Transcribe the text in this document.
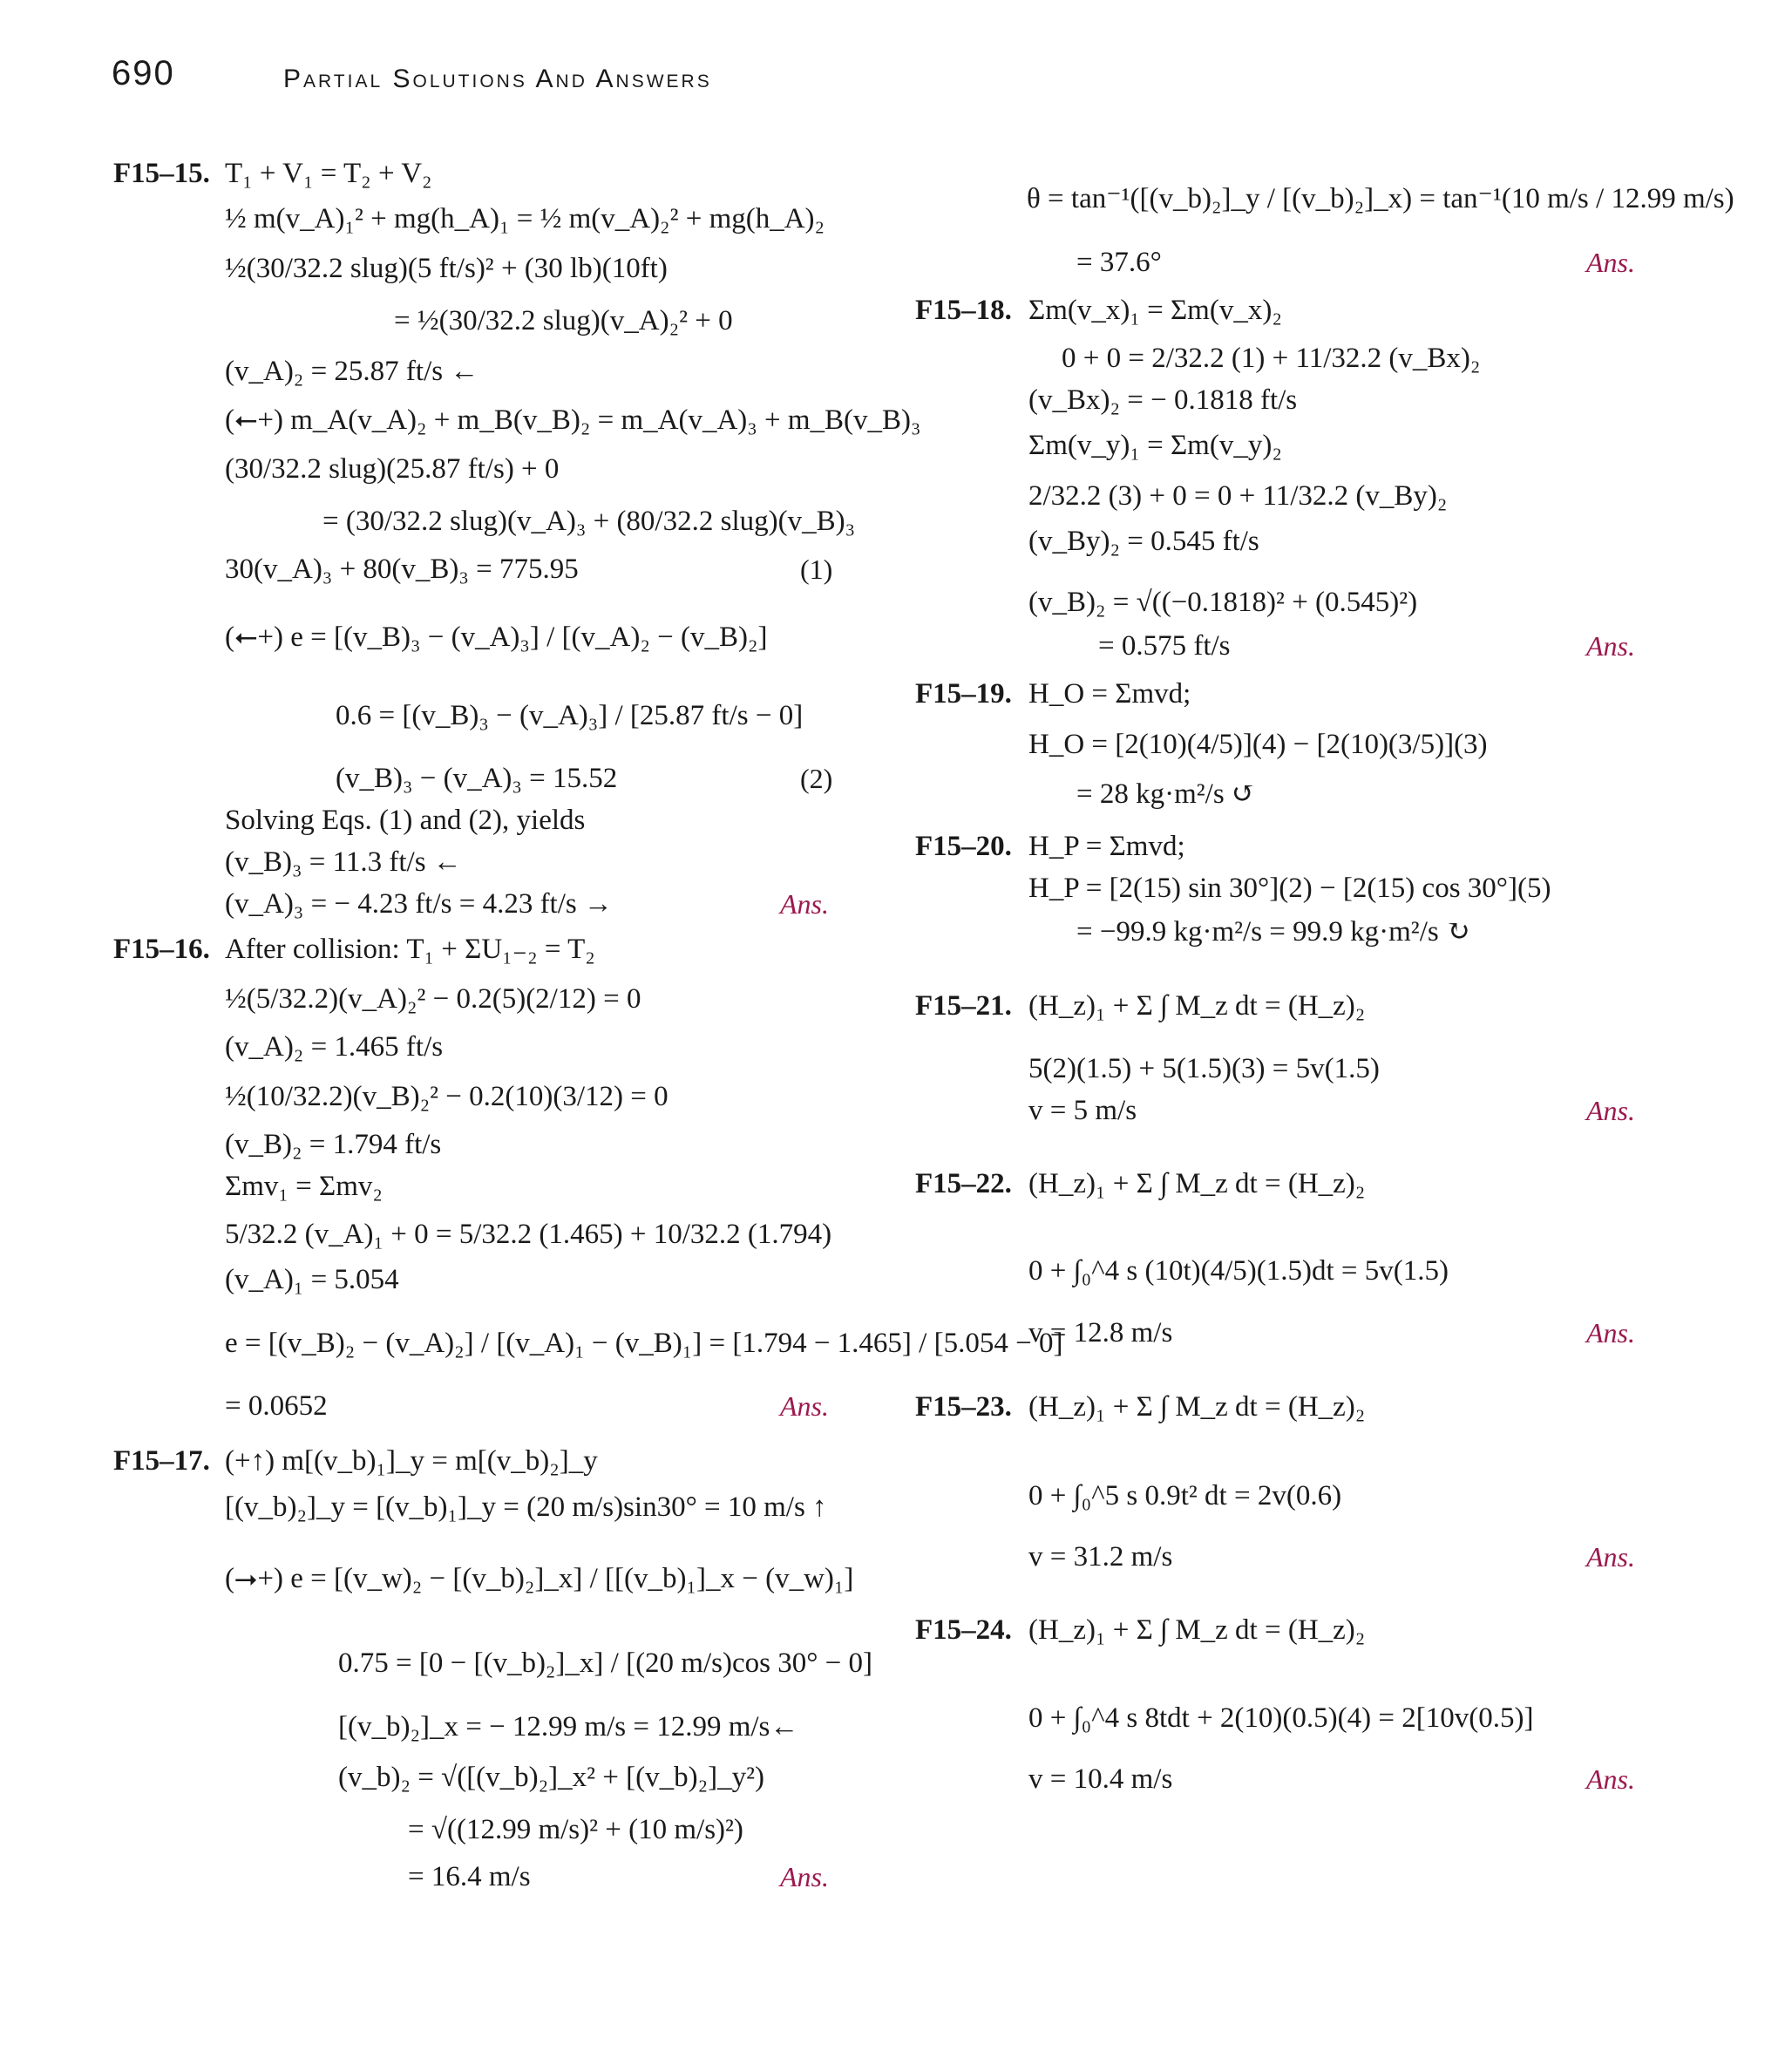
690	Partial Solutions And Answers
F15–15.
F15–16.
F15–17.
F15–18.
F15–19.
F15–20.
F15–21.
F15–22.
F15–23.
F15–24.
T₁ + V₁ = T₂ + V₂
½ m(v_A)₁² + mg(h_A)₁ = ½ m(v_A)₂² + mg(h_A)₂
½(30/32.2 slug)(5 ft/s)² + (30 lb)(10ft)
= ½(30/32.2 slug)(v_A)₂² + 0
(v_A)₂ = 25.87 ft/s ←
(⭠+) m_A(v_A)₂ + m_B(v_B)₂ = m_A(v_A)₃ + m_B(v_B)₃
(30/32.2 slug)(25.87 ft/s) + 0
= (30/32.2 slug)(v_A)₃ + (80/32.2 slug)(v_B)₃
30(v_A)₃ + 80(v_B)₃ = 775.95	(1)
(⭠+) e = [(v_B)₃ − (v_A)₃] / [(v_A)₂ − (v_B)₂]
0.6 = [(v_B)₃ − (v_A)₃] / [25.87 ft/s − 0]
(v_B)₃ − (v_A)₃ = 15.52	(2)
Solving Eqs. (1) and (2), yields
(v_B)₃ = 11.3 ft/s ←
(v_A)₃ = − 4.23 ft/s = 4.23 ft/s →	Ans.
After collision: T₁ + ΣU₁₋₂ = T₂
½(5/32.2)(v_A)₂² − 0.2(5)(2/12) = 0
(v_A)₂ = 1.465 ft/s
½(10/32.2)(v_B)₂² − 0.2(10)(3/12) = 0
(v_B)₂ = 1.794 ft/s
Σmv₁ = Σmv₂
5/32.2 (v_A)₁ + 0 = 5/32.2 (1.465) + 10/32.2 (1.794)
(v_A)₁ = 5.054
e = [(v_B)₂ − (v_A)₂] / [(v_A)₁ − (v_B)₁] = [1.794 − 1.465] / [5.054 − 0]
= 0.0652	Ans.
(+↑) m[(v_b)₁]_y = m[(v_b)₂]_y
[(v_b)₂]_y = [(v_b)₁]_y = (20 m/s)sin30° = 10 m/s ↑
(⭢+) e = [(v_w)₂ − [(v_b)₂]_x] / [[(v_b)₁]_x − (v_w)₁]
0.75 = [0 − [(v_b)₂]_x] / [(20 m/s)cos 30° − 0]
[(v_b)₂]_x = − 12.99 m/s = 12.99 m/s←
(v_b)₂ = √([(v_b)₂]_x² + [(v_b)₂]_y²)
= √((12.99 m/s)² + (10 m/s)²)
= 16.4 m/s	Ans.
θ = tan⁻¹([(v_b)₂]_y / [(v_b)₂]_x) = tan⁻¹(10 m/s / 12.99 m/s)
= 37.6°	Ans.
Σm(v_x)₁ = Σm(v_x)₂
0 + 0 = 2/32.2 (1) + 11/32.2 (v_Bx)₂
(v_Bx)₂ = − 0.1818 ft/s
Σm(v_y)₁ = Σm(v_y)₂
2/32.2 (3) + 0 = 0 + 11/32.2 (v_By)₂
(v_By)₂ = 0.545 ft/s
(v_B)₂ = √((−0.1818)² + (0.545)²)
= 0.575 ft/s	Ans.
H_O = Σmvd;
H_O = [2(10)(4/5)](4) − [2(10)(3/5)](3)
= 28 kg·m²/s ↺
H_P = Σmvd;
H_P = [2(15) sin 30°](2) − [2(15) cos 30°](5)
= −99.9 kg·m²/s = 99.9 kg·m²/s ↻
(H_z)₁ + Σ ∫ M_z dt = (H_z)₂
5(2)(1.5) + 5(1.5)(3) = 5v(1.5)
v = 5 m/s	Ans.
(H_z)₁ + Σ ∫ M_z dt = (H_z)₂
0 + ∫₀^4 s (10t)(4/5)(1.5)dt = 5v(1.5)
v = 12.8 m/s	Ans.
(H_z)₁ + Σ ∫ M_z dt = (H_z)₂
0 + ∫₀^5 s 0.9t² dt = 2v(0.6)
v = 31.2 m/s	Ans.
(H_z)₁ + Σ ∫ M_z dt = (H_z)₂
0 + ∫₀^4 s 8tdt + 2(10)(0.5)(4) = 2[10v(0.5)]
v = 10.4 m/s	Ans.
